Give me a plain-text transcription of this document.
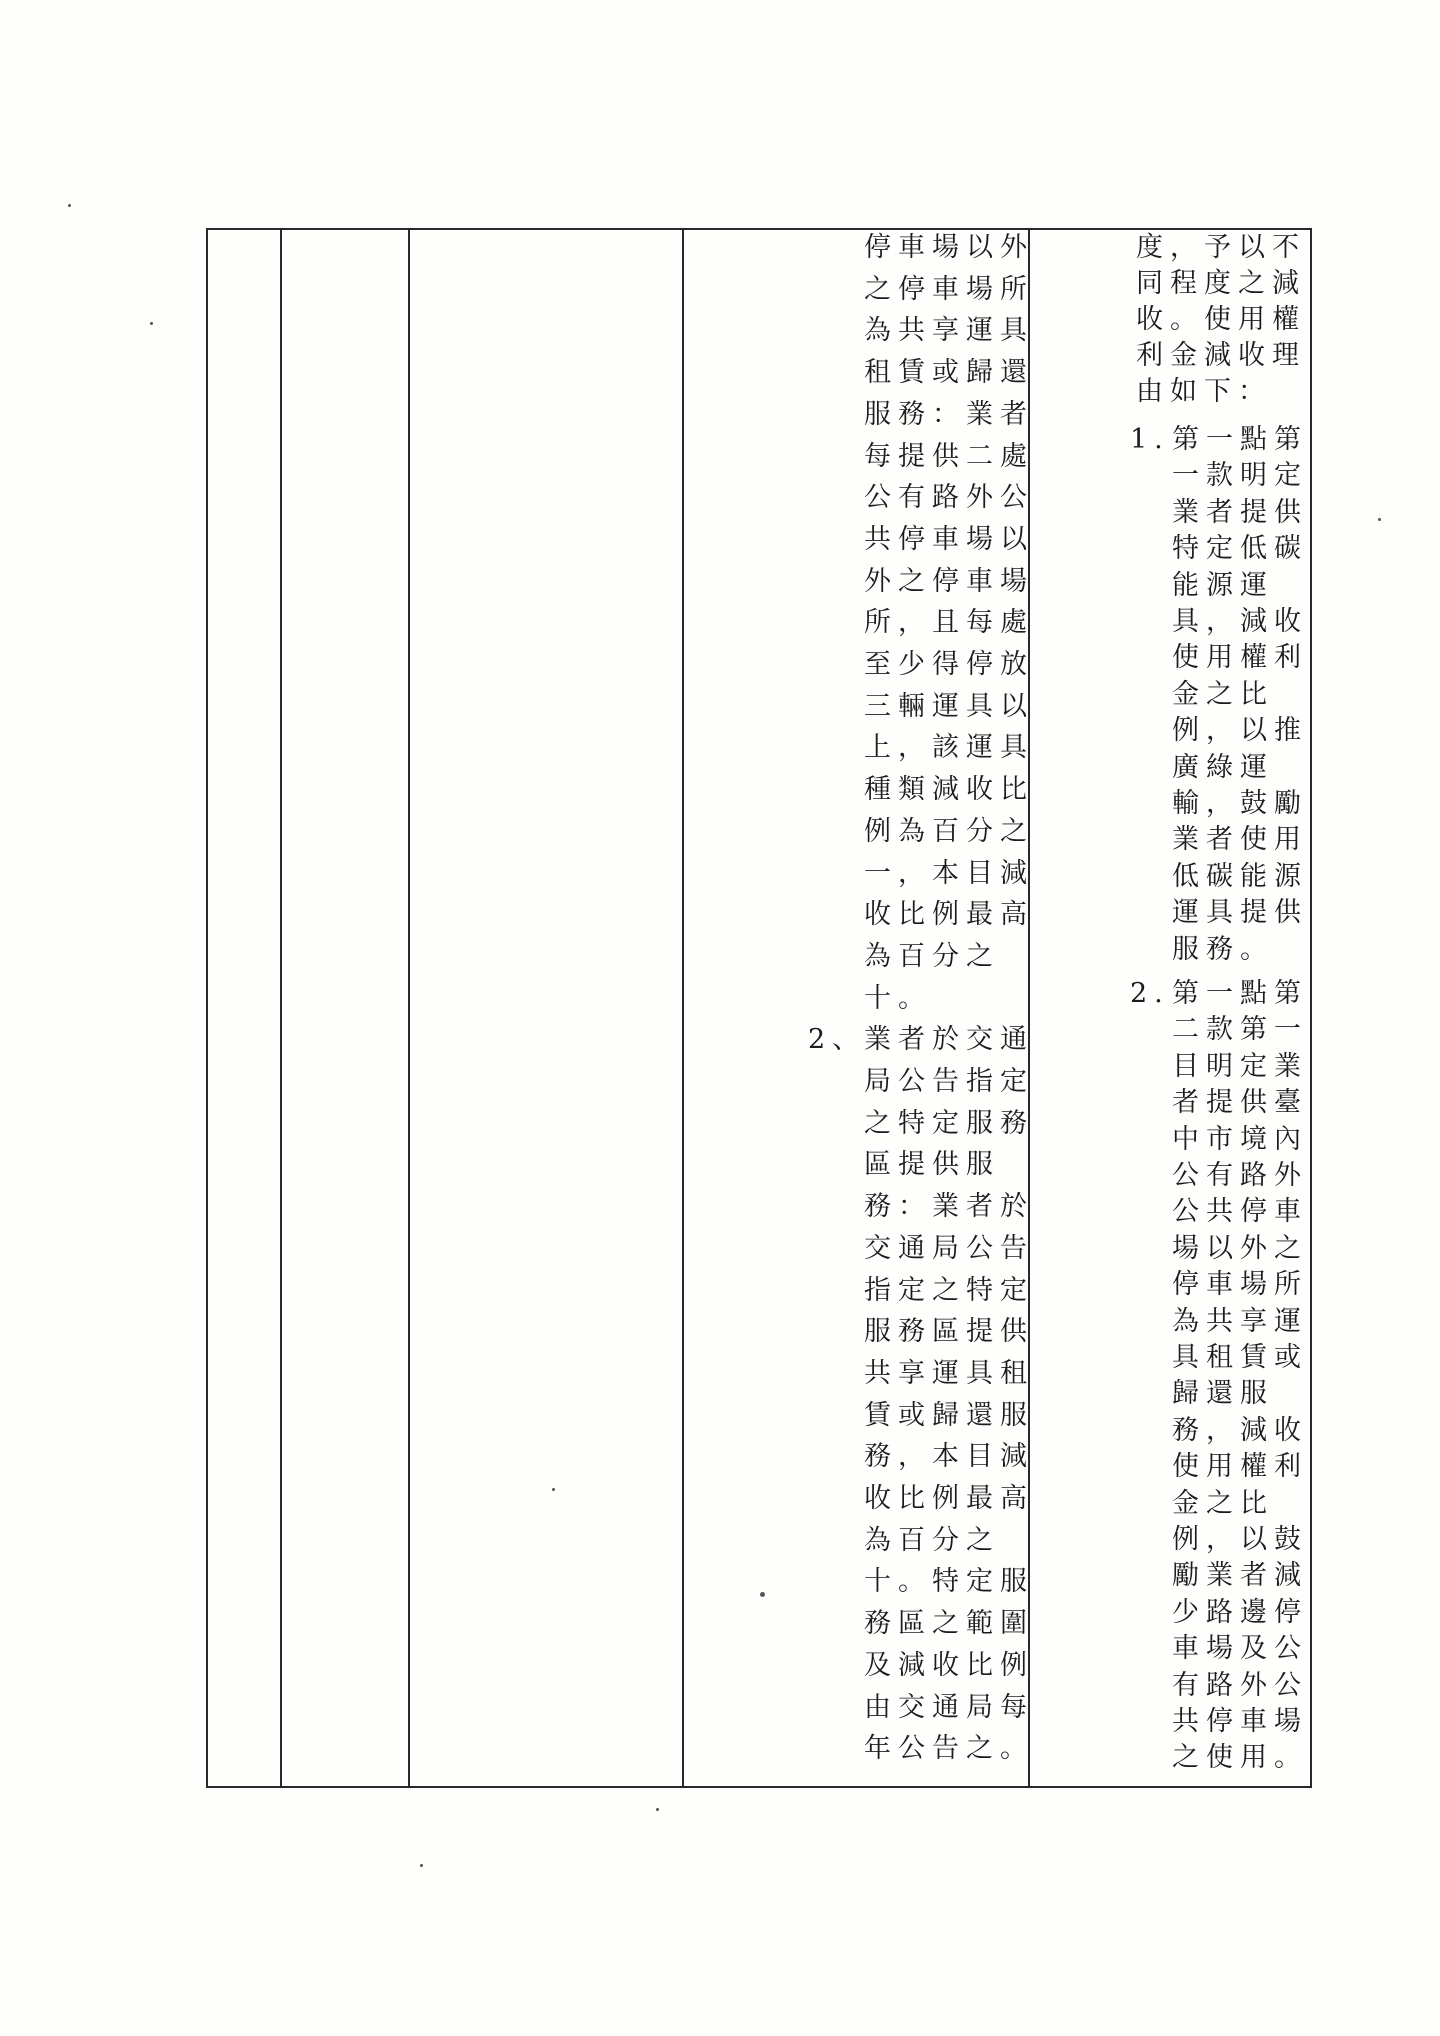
停車場以外
之停車場所
為共享運具
租賃或歸還
服務：業者
每提供二處
公有路外公
共停車場以
外之停車場
所，且每處
至少得停放
三輛運具以
上，該運具
種類減收比
例為百分之
一，本目減
收比例最高
為百分之
十。
2、
業者於交通
局公告指定
之特定服務
區提供服
務：業者於
交通局公告
指定之特定
服務區提供
共享運具租
賃或歸還服
務，本目減
收比例最高
為百分之
十。特定服
務區之範圍
及減收比例
由交通局每
年公告之。
度，予以不
同程度之減
收。使用權
利金減收理
由如下：
1. 第一點第
一款明定
業者提供
特定低碳
能源運
具，減收
使用權利
金之比
例，以推
廣綠運
輸，鼓勵
業者使用
低碳能源
運具提供
服務。
2. 第一點第
二款第一
目明定業
者提供臺
中市境內
公有路外
公共停車
場以外之
停車場所
為共享運
具租賃或
歸還服
務，減收
使用權利
金之比
例，以鼓
勵業者減
少路邊停
車場及公
有路外公
共停車場
之使用。
